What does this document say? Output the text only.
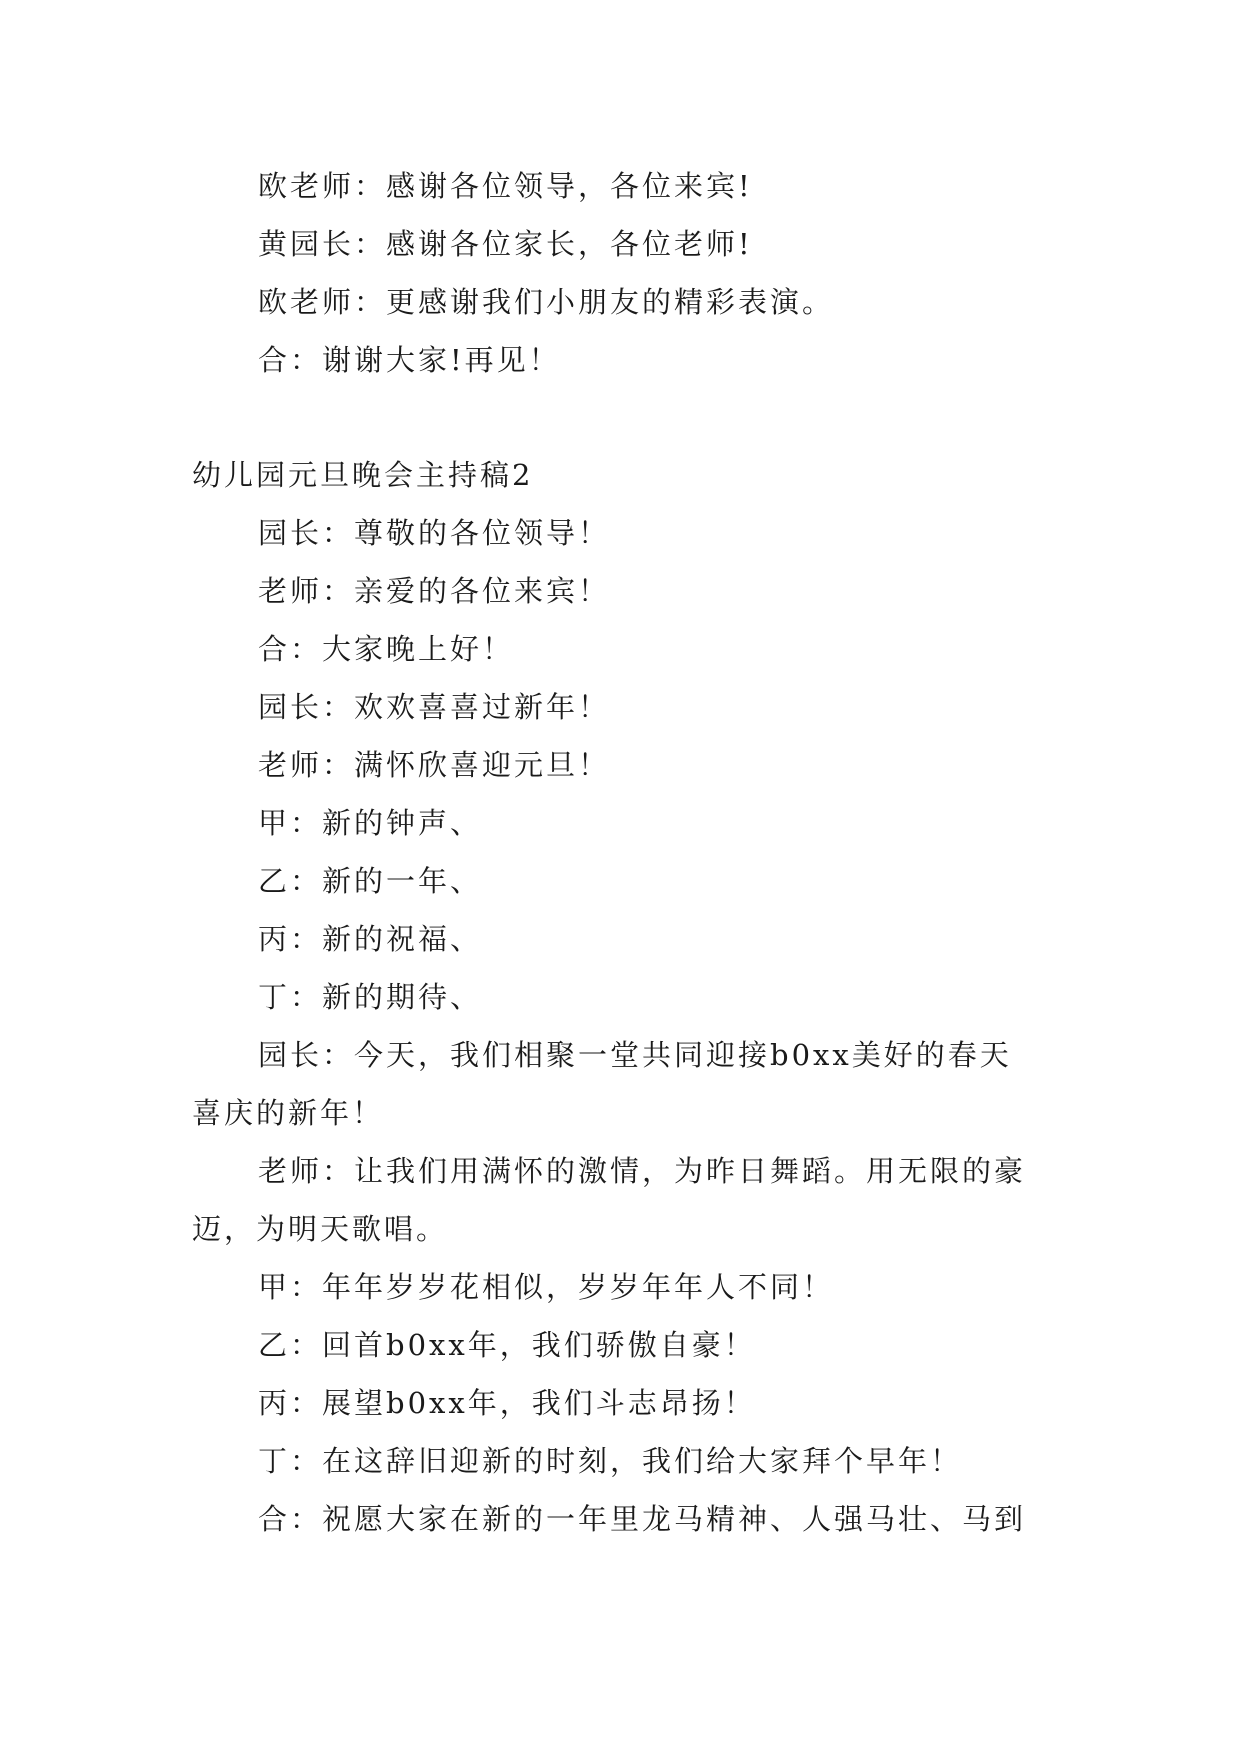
欧老师：感谢各位领导，各位来宾!
黄园长：感谢各位家长，各位老师!
欧老师：更感谢我们小朋友的精彩表演。
合：谢谢大家!再见！
幼儿园元旦晚会主持稿2
园长：尊敬的各位领导！
老师：亲爱的各位来宾！
合：大家晚上好！
园长：欢欢喜喜过新年！
老师：满怀欣喜迎元旦！
甲：新的钟声、
乙：新的一年、
丙：新的祝福、
丁：新的期待、
园长：今天，我们相聚一堂共同迎接b0xx美好的春天
喜庆的新年！
老师：让我们用满怀的激情，为昨日舞蹈。用无限的豪
迈，为明天歌唱。
甲：年年岁岁花相似，岁岁年年人不同！
乙：回首b0xx年，我们骄傲自豪！
丙：展望b0xx年，我们斗志昂扬！
丁：在这辞旧迎新的时刻，我们给大家拜个早年！
合：祝愿大家在新的一年里龙马精神、人强马壮、马到
